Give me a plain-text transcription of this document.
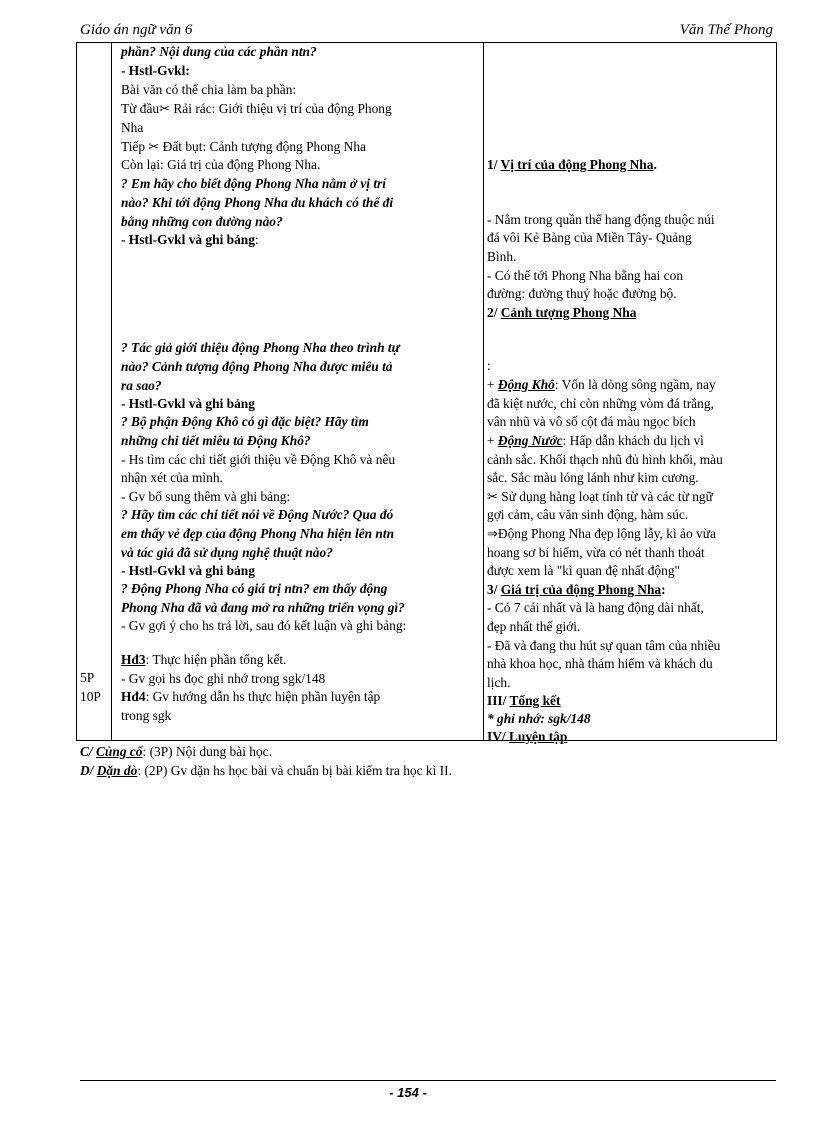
Giáo án ngữ văn 6	Văn Thế Phong
5P
10P
phần? Nội dung của các phần ntn?
- Hstl-Gvkl:
Bài văn có thể chia làm ba phần:
Từ đầu✂ Rải rác: Giới thiệu vị trí của động Phong
Nha
Tiếp ✂ Đất bụt: Cảnh tượng động Phong Nha
Còn lại: Giá trị của động Phong Nha.
? Em hãy cho biết động Phong Nha nằm ở vị trí
nào? Khi tới động Phong Nha du khách có thể đi
bằng những con đường nào?
- Hstl-Gvkl và ghi bảng:
? Tác giả giới thiệu động Phong Nha theo trình tự
nào? Cảnh tượng động Phong Nha được miêu tả
ra sao?
- Hstl-Gvkl và ghi bảng
? Bộ phận Động Khô có gì đặc biệt? Hãy tìm
những chi tiết miêu tả Động Khô?
- Hs tìm các chi tiết giới thiệu về Động Khô và nêu
nhận xét của mình.
- Gv bổ sung thêm và ghi bảng:
? Hãy tìm các chi tiết nói về Động Nước? Qua đó
em thấy vẻ đẹp của động Phong Nha hiện lên ntn
và tác giả đã sử dụng nghệ thuật nào?
- Hstl-Gvkl và ghi bảng
? Động Phong Nha có giá trị ntn? em thấy động
Phong Nha đã và đang mở ra những triển vọng gì?
- Gv gợi ý cho hs trả lời, sau đó kết luận và ghi bảng:
Hđ3: Thực hiện phần tổng kết.
- Gv gọi hs đọc ghi nhớ trong sgk/148
Hđ4: Gv hướng dẫn hs thực hiện phần luyện tập
trong sgk
1/ Vị trí của động Phong Nha.
- Nằm trong quần thể hang động thuộc núi
đá vôi Kẻ Bàng của Miền Tây- Quảng
Bình.
- Có thể tới Phong Nha bằng hai con
đường: đường thuỷ hoặc đường bộ.
2/ Cảnh tượng Phong Nha
:
+ Động Khô: Vốn là dòng sông ngầm, nay
đã kiệt nước, chỉ còn những vòm đá trắng,
vân nhũ và vô số cột đá màu ngọc bích
+ Động Nước: Hấp dẫn khách du lịch vì
cảnh sắc. Khối thạch nhũ đủ hình khối, màu
sắc. Sắc màu lóng lánh như kim cương.
✂ Sử dụng hàng loạt tính từ và các từ ngữ
gợi cảm, câu văn sinh động, hàm súc.
⇒Động Phong Nha đẹp lộng lẫy, kì ảo vừa
hoang sơ bí hiểm, vừa có nét thanh thoát
được xem là "kì quan đệ nhất động"
3/ Giá trị của động Phong Nha:
- Có 7 cái nhất và là hang động dài nhất,
đẹp nhất thế giới.
- Đã và đang thu hút sự quan tâm của nhiều
nhà khoa học, nhà thám hiểm và khách du
lịch.
III/ Tổng kết
* ghi nhớ: sgk/148
IV/ Luyện tập
C/ Củng cố: (3P) Nội dung bài học.
D/ Dặn dò: (2P) Gv dặn hs học bài và chuẩn bị bài kiểm tra học kì II.
- 154 -
